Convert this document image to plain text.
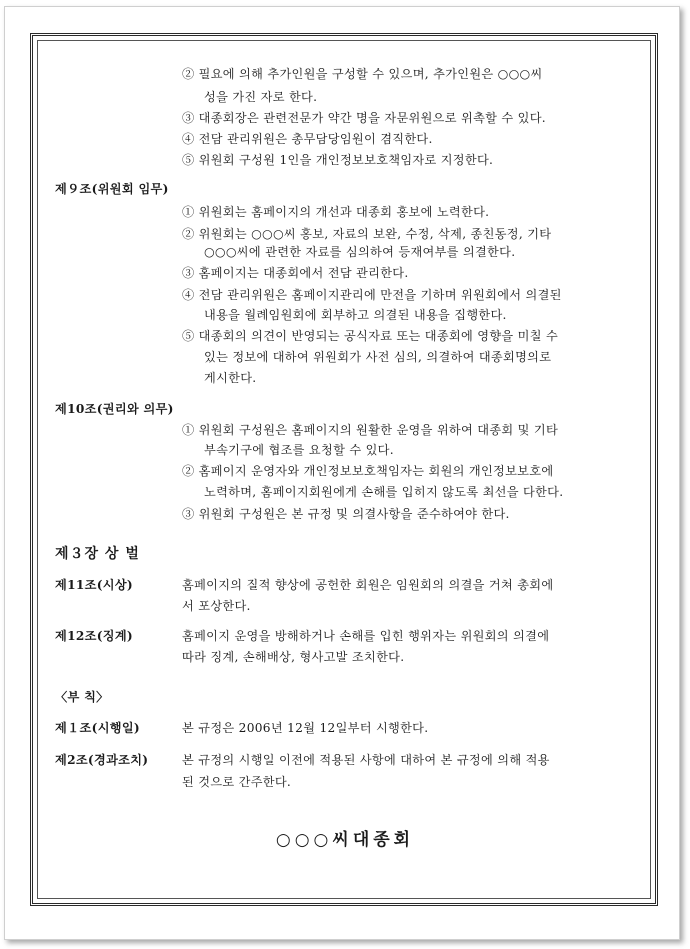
② 필요에 의해 추가인원을 구성할 수 있으며, 추가인원은 ○○○씨
성을 가진 자로 한다.
③ 대종회장은 관련전문가 약간 명을 자문위원으로 위촉할 수 있다.
④ 전담 관리위원은 총무담당임원이 겸직한다.
⑤ 위원회 구성원 1인을 개인정보보호책임자로 지정한다.
제９조(위원회 임무)
① 위원회는 홈페이지의 개선과 대종회 홍보에 노력한다.
② 위원회는 ○○○씨 홍보, 자료의 보완, 수정, 삭제, 종친동정, 기타
○○○씨에 관련한 자료를 심의하여 등재여부를 의결한다.
③ 홈페이지는 대종회에서 전담 관리한다.
④ 전담 관리위원은 홈페이지관리에 만전을 기하며 위원회에서 의결된
내용을 월례임원회에 회부하고 의결된 내용을 집행한다.
⑤ 대종회의 의견이 반영되는 공식자료 또는 대종회에 영향을 미칠 수
있는 정보에 대하여 위원회가 사전 심의, 의결하여 대종회명의로
게시한다.
제10조(권리와 의무)
① 위원회 구성원은 홈페이지의 원활한 운영을 위하여 대종회 및 기타
부속기구에 협조를 요청할 수 있다.
② 홈페이지 운영자와 개인정보보호책임자는 회원의 개인정보보호에
노력하며, 홈페이지회원에게 손해를 입히지 않도록 최선을 다한다.
③ 위원회 구성원은 본 규정 및 의결사항을 준수하여야 한다.
제３장 상 벌
제11조(시상)	홈페이지의 질적 향상에 공헌한 회원은 임원회의 의결을 거쳐 총회에
서 포상한다.
제12조(징계)	홈페이지 운영을 방해하거나 손해를 입힌 행위자는 위원회의 의결에
따라 징계, 손해배상, 형사고발 조치한다.
〈부 칙〉
제１조(시행일)	본 규정은 2006년 12월 12일부터 시행한다.
제2조(경과조치)	본 규정의 시행일 이전에 적용된 사항에 대하여 본 규정에 의해 적용
된 것으로 간주한다.
○○○씨대종회
